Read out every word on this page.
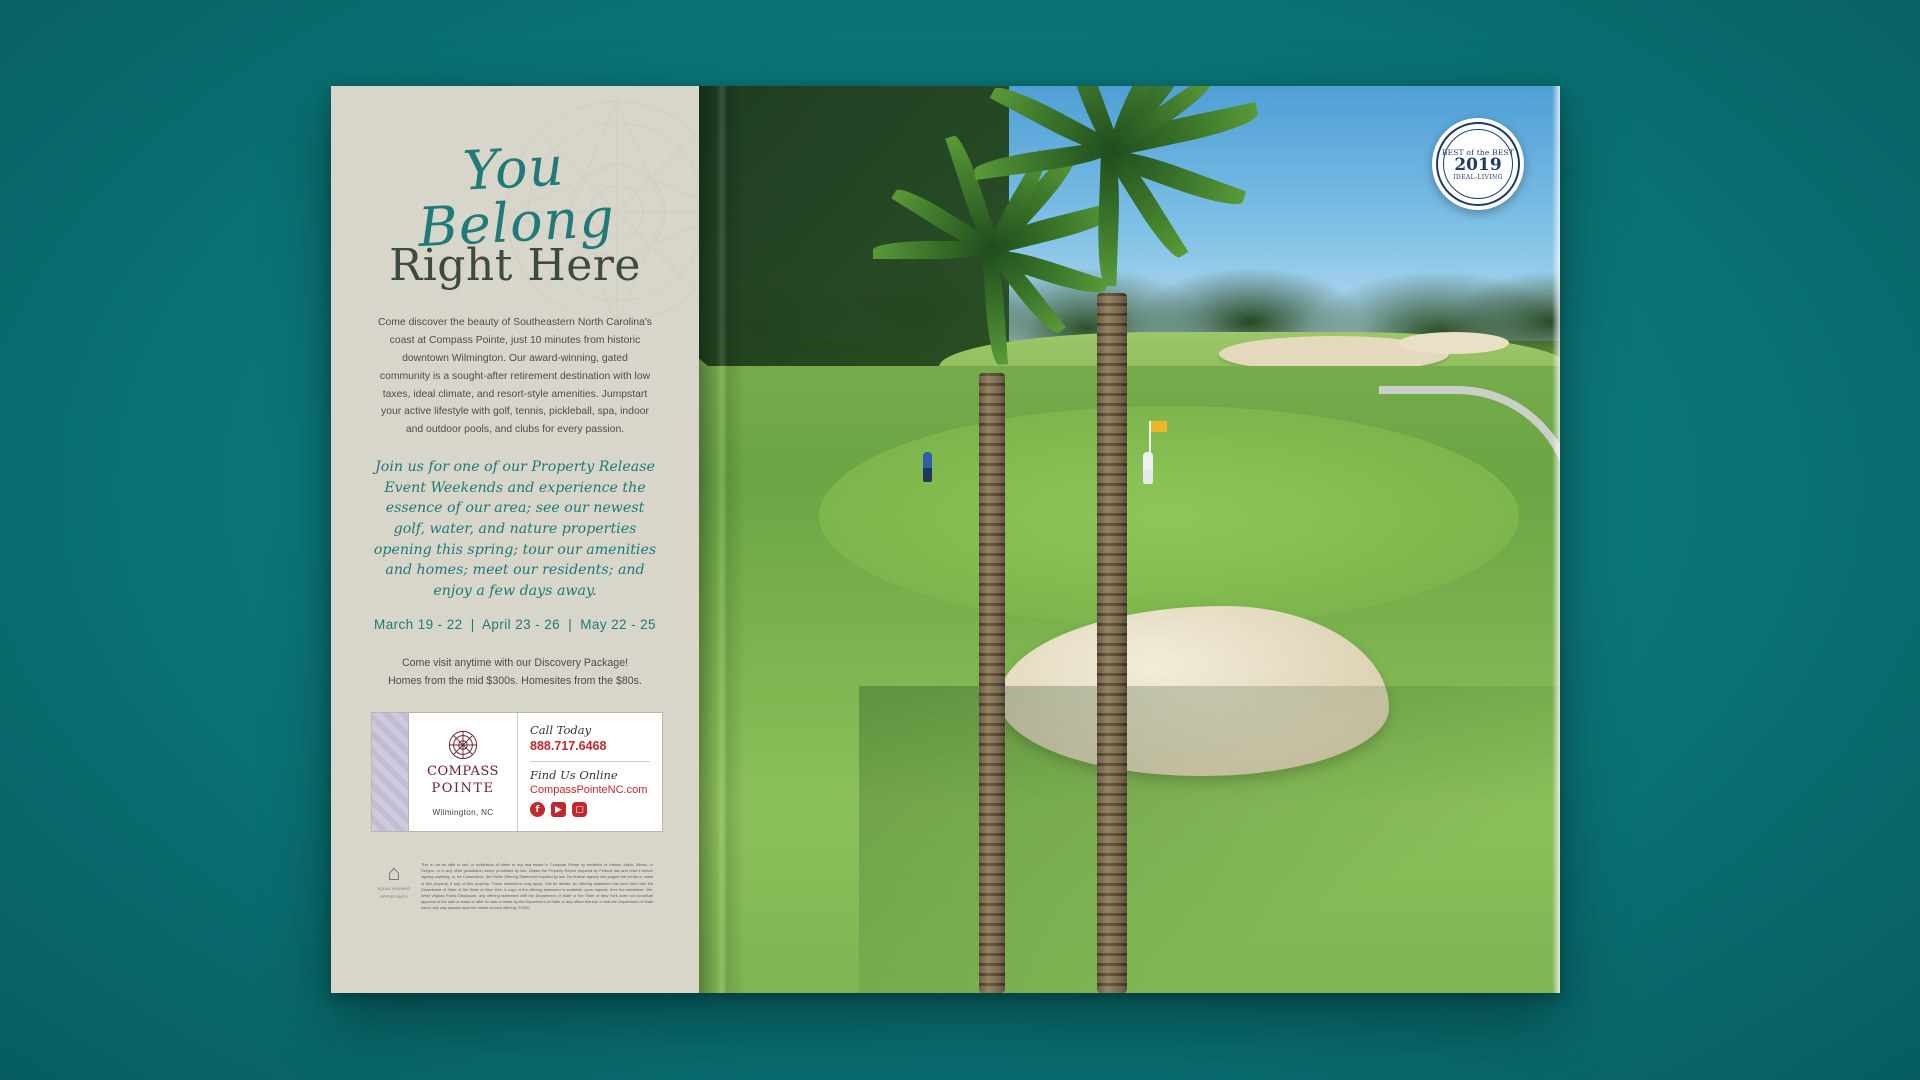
You Belong
Right Here

Come discover the beauty of Southeastern North Carolina's coast at Compass Pointe, just 10 minutes from historic downtown Wilmington. Our award-winning, gated community is a sought-after retirement destination with low taxes, ideal climate, and resort-style amenities. Jumpstart your active lifestyle with golf, tennis, pickleball, spa, indoor and outdoor pools, and clubs for every passion.

Join us for one of our Property Release Event Weekends and experience the essence of our area; see our newest golf, water, and nature properties opening this spring; tour our amenities and homes; meet our residents; and enjoy a few days away.

March 19 - 22 | April 23 - 26 | May 22 - 25
Come visit anytime with our Discovery Package!
Homes from the mid $300s. Homesites from the $80s.
COMPASS
POINTE
Wilmington, NC
Call Today
888.717.6468
Find Us Online
CompassPointeNC.com
f	▶	▢
⌂
EQUAL HOUSING
OPPORTUNITY
This is not an offer to sell, or solicitation of offers to buy real estate in Compass Pointe by residents of Hawaii, Idaho, Illinois, or Oregon, or in any other jurisdiction where prohibited by law. Obtain the Property Report required by Federal law and read it before signing anything, or, for Connecticut, the Public Offering Statement required by law. No federal agency has judged the merits or value of this property, if any, of this property. These restrictions may apply. Call for details. An offering statement has been filed with the Department of State of the State of New York. A copy of the offering statement is available, upon request, from the subdivider. We, West Virginia Public Disclosure, any offering statement with the Department of State or the State of New York does not constitute approval of the sale or lease or offer for sale or lease by the Department of State or any officer thereof, or that the Department of State has in any way passed upon the merits of such offering. ©2020
BEST of the BEST
2019
IDEAL-LIVING
